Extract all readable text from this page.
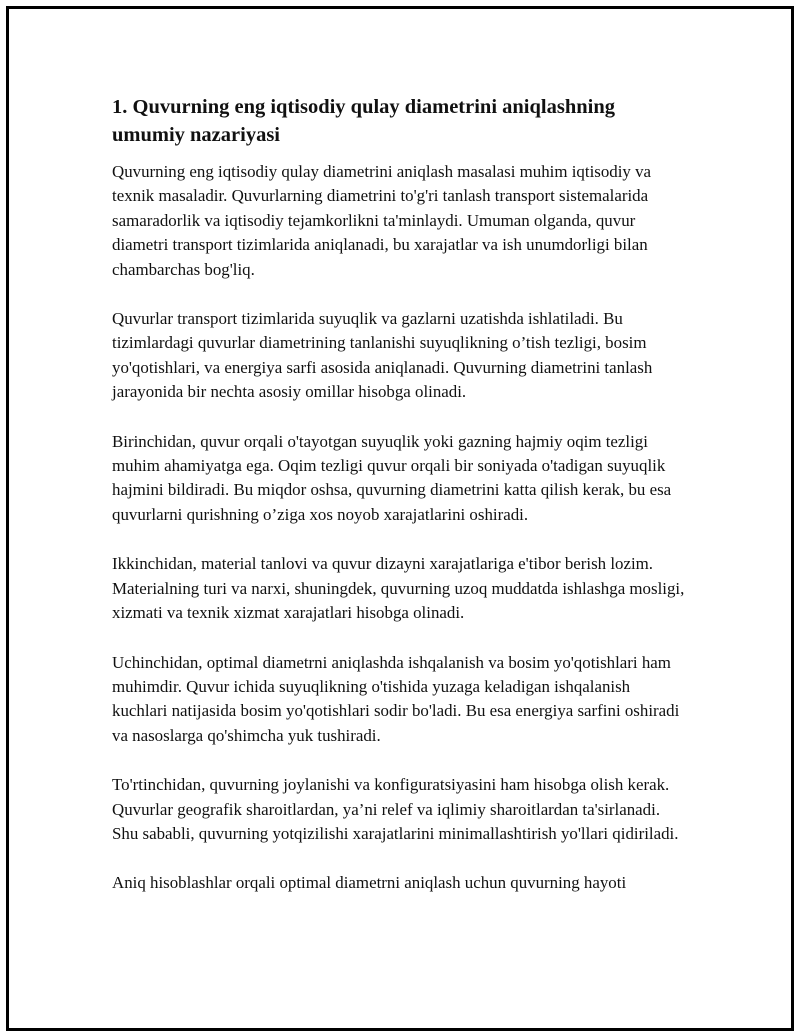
1. Quvurning eng iqtisodiy qulay diametrini aniqlashning umumiy nazariyasi

Quvurning eng iqtisodiy qulay diametrini aniqlash masalasi muhim iqtisodiy va texnik masaladir. Quvurlarning diametrini to'g'ri tanlash transport sistemalarida samaradorlik va iqtisodiy tejamkorlikni ta'minlaydi. Umuman olganda, quvur diametri transport tizimlarida aniqlanadi, bu xarajatlar va ish unumdorligi bilan chambarchas bog'liq.

Quvurlar transport tizimlarida suyuqlik va gazlarni uzatishda ishlatiladi. Bu tizimlardagi quvurlar diametrining tanlanishi suyuqlikning o’tish tezligi, bosim yo'qotishlari, va energiya sarfi asosida aniqlanadi. Quvurning diametrini tanlash jarayonida bir nechta asosiy omillar hisobga olinadi.

Birinchidan, quvur orqali o'tayotgan suyuqlik yoki gazning hajmiy oqim tezligi muhim ahamiyatga ega. Oqim tezligi quvur orqali bir soniyada o'tadigan suyuqlik hajmini bildiradi. Bu miqdor oshsa, quvurning diametrini katta qilish kerak, bu esa quvurlarni qurishning o’ziga xos noyob xarajatlarini oshiradi.

Ikkinchidan, material tanlovi va quvur dizayni xarajatlariga e'tibor berish lozim. Materialning turi va narxi, shuningdek, quvurning uzoq muddatda ishlashga mosligi, xizmati va texnik xizmat xarajatlari hisobga olinadi.

Uchinchidan, optimal diametrni aniqlashda ishqalanish va bosim yo'qotishlari ham muhimdir. Quvur ichida suyuqlikning o'tishida yuzaga keladigan ishqalanish kuchlari natijasida bosim yo'qotishlari sodir bo'ladi. Bu esa energiya sarfini oshiradi va nasoslarga qo'shimcha yuk tushiradi.

To'rtinchidan, quvurning joylanishi va konfiguratsiyasini ham hisobga olish kerak. Quvurlar geografik sharoitlardan, ya’ni relef va iqlimiy sharoitlardan ta'sirlanadi. Shu sababli, quvurning yotqizilishi xarajatlarini minimallashtirish yo'llari qidiriladi.

Aniq hisoblashlar orqali optimal diametrni aniqlash uchun quvurning hayoti
